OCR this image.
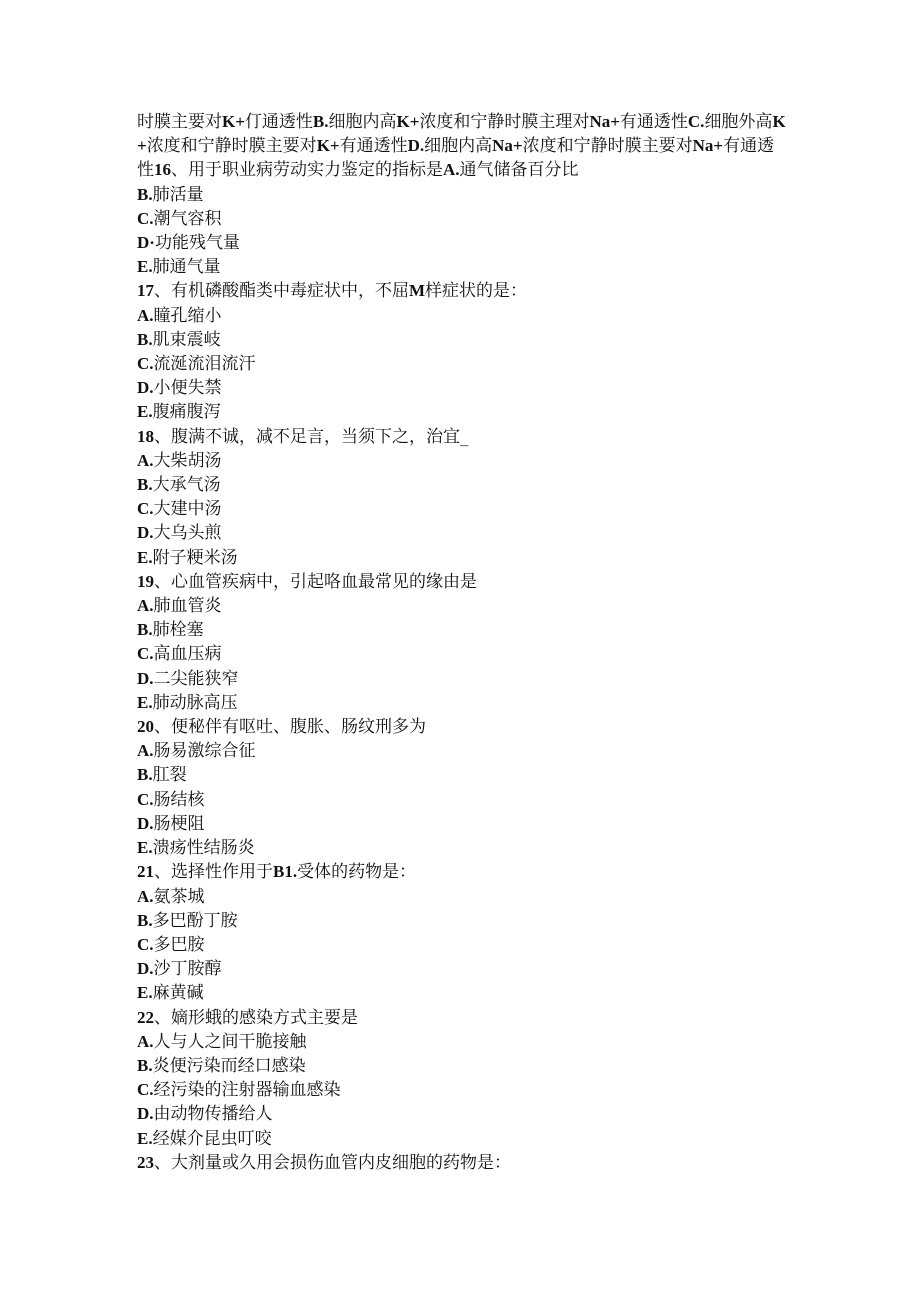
时膜主要对K+仃通透性B.细胞内高K+浓度和宁静时膜主理对Na+有通透性C.细胞外高K+浓度和宁静时膜主要对K+有通透性D.细胞内高Na+浓度和宁静时膜主要对Na+有通透性16、用于职业病劳动实力鉴定的指标是A.通气储备百分比

B.肺活量

C.潮气容积

D·功能残气量

E.肺通气量

17、有机磷酸酯类中毒症状中，不屈M样症状的是：

A.瞳孔缩小

B.肌束震岐

C.流涎流泪流汗

D.小便失禁

E.腹痛腹泻

18、腹满不诚，减不足言，当须下之，治宜_

A.大柴胡汤

B.大承气汤

C.大建中汤

D.大乌头煎

E.附子粳米汤

19、心血管疾病中，引起咯血最常见的缘由是

A.肺血管炎

B.肺栓塞

C.高血压病

D.二尖能狭窄

E.肺动脉高压

20、便秘伴有呕吐、腹胀、肠纹刑多为

A.肠易激综合征

B.肛裂

C.肠结核

D.肠梗阻

E.溃疡性结肠炎

21、选择性作用于B1.受体的药物是：

A.氨茶城

B.多巴酚丁胺

C.多巴胺

D.沙丁胺醇

E.麻黄碱

22、嫡形蛾的感染方式主要是

A.人与人之间干脆接触

B.炎便污染而经口感染

C.经污染的注射器输血感染

D.由动物传播给人

E.经媒介昆虫叮咬

23、大剂量或久用会损伤血管内皮细胞的药物是：
